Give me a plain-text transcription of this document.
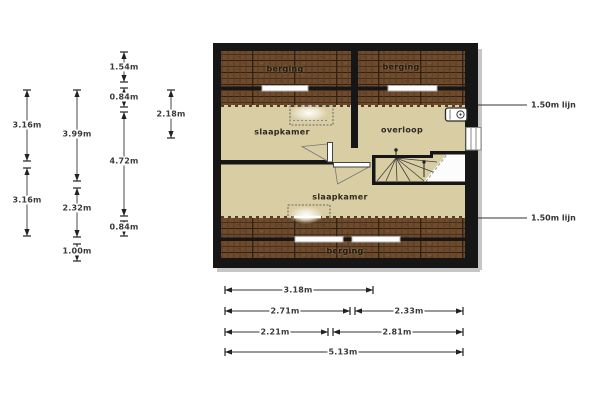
berging	berging
slaapkamer	overloop
slaapkamer
berging
1.50m lijn
1.50m lijn
3.16m
3.16m
3.99m
2.32m
1.00m
1.54m
0.84m
4.72m
0.84m
2.18m
3.18m
2.71m	2.33m
2.21m	2.81m
5.13m
